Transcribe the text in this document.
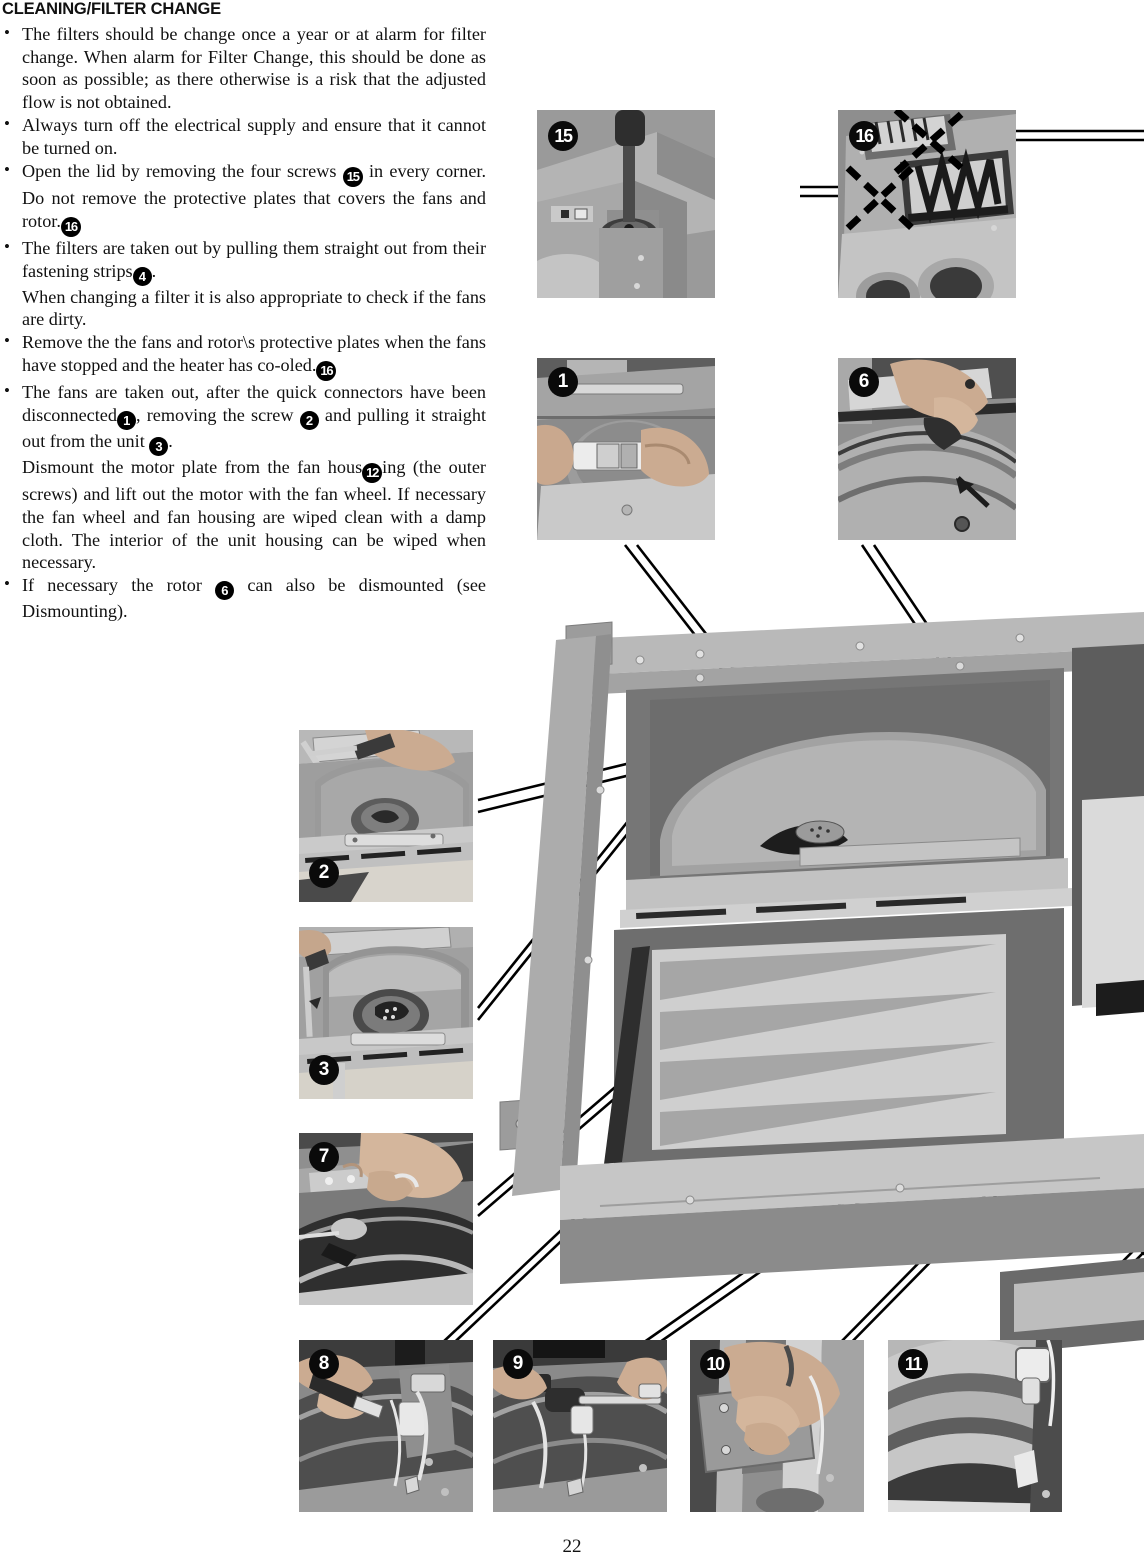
CLEANING/FILTER CHANGE

• The filters should be change once a year or at alarm for filter change. When alarm for Filter Change, this should be done as soon as possible; as there otherwise is a risk that the adjusted flow is not obtained.

• Always turn off the electrical supply and ensure that it cannot be turned on.

• Open the lid by removing the four screws 15 in every corner. Do not remove the protective plates that covers the fans and rotor. 16

• The filters are taken out by pulling them straight out from their fastening strips 4 .

When changing a filter it is also appropriate to check if the fans are dirty.

• Remove the the fans and rotor\s protective plates when the fans have stopped and the heater has co-oled. 16

• The fans are taken out, after the quick connectors have been disconnected 1 , removing the screw 2 and pulling it straight out from the unit 3 .

Dismount the motor plate from the fan hous 12 ing (the outer screws) and lift out the motor with the fan wheel. If necessary the fan wheel and fan housing are wiped clean with a damp cloth. The interior of the unit housing can be wiped when necessary.

• If necessary the rotor 6 can also be dismounted (see Dismounting).

15	16
1	6
2
3
7
8	9	10	11
22
